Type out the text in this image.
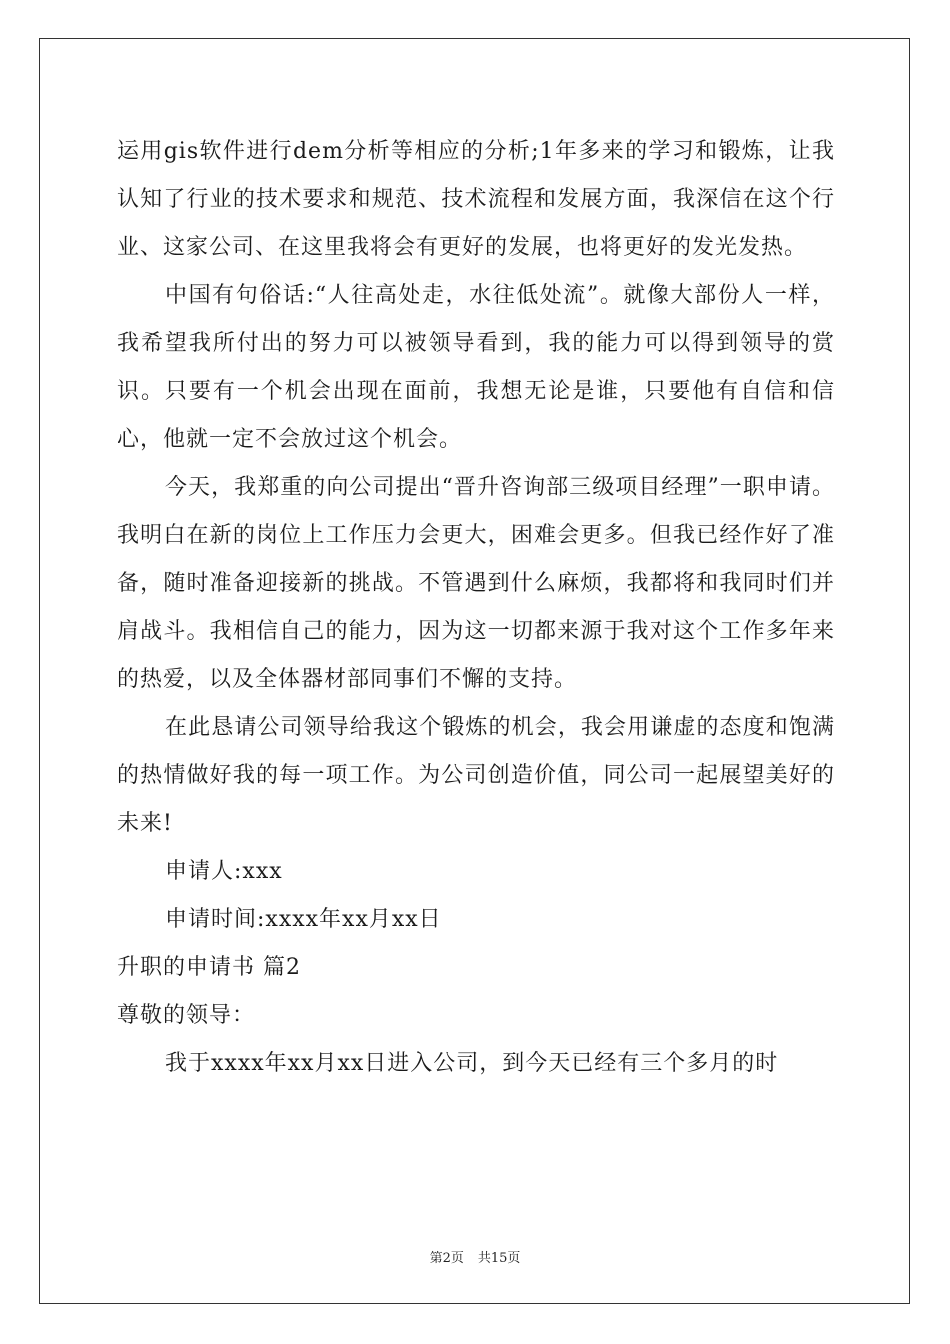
运用gis软件进行dem分析等相应的分析;1年多来的学习和锻炼，让我认知了行业的技术要求和规范、技术流程和发展方面，我深信在这个行业、这家公司、在这里我将会有更好的发展，也将更好的发光发热。

中国有句俗话:“人往高处走，水往低处流”。就像大部份人一样，我希望我所付出的努力可以被领导看到，我的能力可以得到领导的赏识。只要有一个机会出现在面前，我想无论是谁，只要他有自信和信心，他就一定不会放过这个机会。

今天，我郑重的向公司提出“晋升咨询部三级项目经理”一职申请。我明白在新的岗位上工作压力会更大，困难会更多。但我已经作好了准备，随时准备迎接新的挑战。不管遇到什么麻烦，我都将和我同时们并肩战斗。我相信自己的能力，因为这一切都来源于我对这个工作多年来的热爱，以及全体器材部同事们不懈的支持。

在此恳请公司领导给我这个锻炼的机会，我会用谦虚的态度和饱满的热情做好我的每一项工作。为公司创造价值，同公司一起展望美好的未来!

申请人:xxx

申请时间:xxxx年xx月xx日

升职的申请书 篇2

尊敬的领导：

我于xxxx年xx月xx日进入公司，到今天已经有三个多月的时

第2页 共15页
